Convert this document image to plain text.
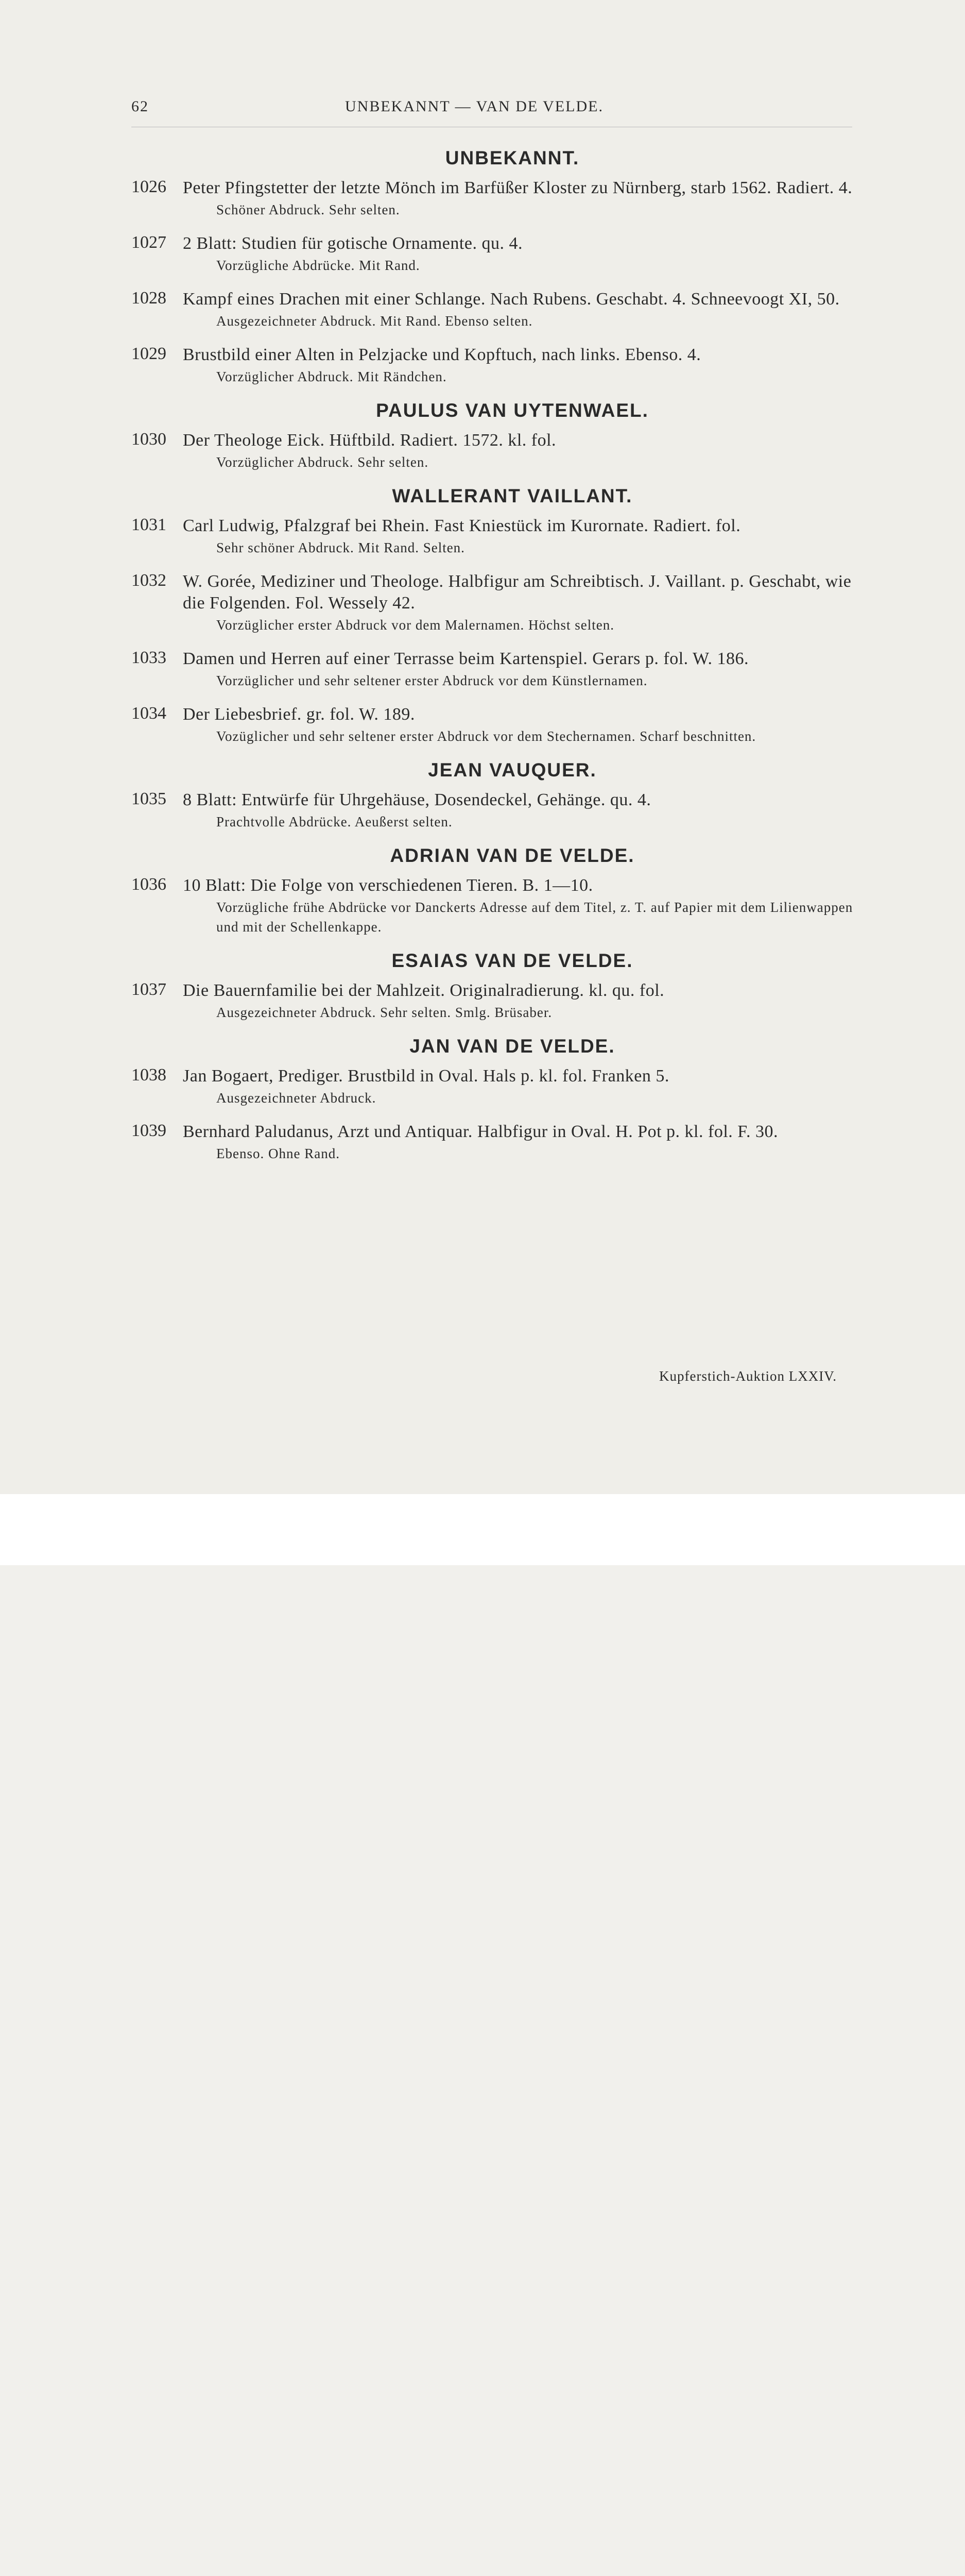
62	UNBEKANNT — VAN DE VELDE.
UNBEKANNT.
1026 Peter Pfingstetter der letzte Mönch im Barfüßer Kloster zu Nürnberg, starb 1562. Radiert. 4.
Schöner Abdruck. Sehr selten.
1027 2 Blatt: Studien für gotische Ornamente. qu. 4.
Vorzügliche Abdrücke. Mit Rand.
1028 Kampf eines Drachen mit einer Schlange. Nach Rubens. Geschabt. 4. Schneevoogt XI, 50.
Ausgezeichneter Abdruck. Mit Rand. Ebenso selten.
1029 Brustbild einer Alten in Pelzjacke und Kopftuch, nach links. Ebenso. 4.
Vorzüglicher Abdruck. Mit Rändchen.
PAULUS VAN UYTENWAEL.
1030 Der Theologe Eick. Hüftbild. Radiert. 1572. kl. fol.
Vorzüglicher Abdruck. Sehr selten.
WALLERANT VAILLANT.
1031 Carl Ludwig, Pfalzgraf bei Rhein. Fast Kniestück im Kurornate. Radiert. fol.
Sehr schöner Abdruck. Mit Rand. Selten.
1032 W. Gorée, Mediziner und Theologe. Halbfigur am Schreibtisch. J. Vaillant. p. Geschabt, wie die Folgenden. Fol. Wessely 42.
Vorzüglicher erster Abdruck vor dem Malernamen. Höchst selten.
1033 Damen und Herren auf einer Terrasse beim Kartenspiel. Gerars p. fol. W. 186.
Vorzüglicher und sehr seltener erster Abdruck vor dem Künstlernamen.
1034 Der Liebesbrief. gr. fol. W. 189.
Vozüglicher und sehr seltener erster Abdruck vor dem Stechernamen. Scharf beschnitten.
JEAN VAUQUER.
1035 8 Blatt: Entwürfe für Uhrgehäuse, Dosendeckel, Gehänge. qu. 4.
Prachtvolle Abdrücke. Aeußerst selten.
ADRIAN VAN DE VELDE.
1036 10 Blatt: Die Folge von verschiedenen Tieren. B. 1—10.
Vorzügliche frühe Abdrücke vor Danckerts Adresse auf dem Titel, z. T. auf Papier mit dem Lilienwappen und mit der Schellenkappe.
ESAIAS VAN DE VELDE.
1037 Die Bauernfamilie bei der Mahlzeit. Originalradierung. kl. qu. fol.
Ausgezeichneter Abdruck. Sehr selten. Smlg. Brüsaber.
JAN VAN DE VELDE.
1038 Jan Bogaert, Prediger. Brustbild in Oval. Hals p. kl. fol. Franken 5.
Ausgezeichneter Abdruck.
1039 Bernhard Paludanus, Arzt und Antiquar. Halbfigur in Oval. H. Pot p. kl. fol. F. 30.
Ebenso. Ohne Rand.
Kupferstich-Auktion LXXIV.
